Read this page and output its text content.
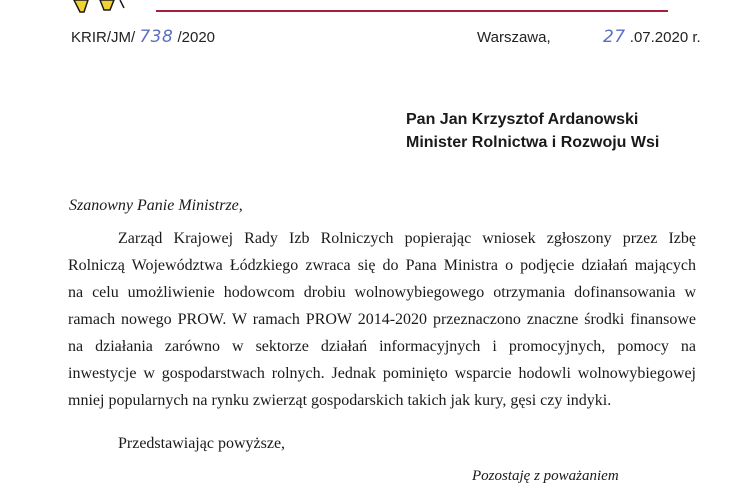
KRIR/JM/ 738 /2020	Warszawa,	27 .07.2020 r.
Pan Jan Krzysztof Ardanowski
Minister Rolnictwa i Rozwoju Wsi
Szanowny Panie Ministrze,

Zarząd Krajowej Rady Izb Rolniczych popierając wniosek zgłoszony przez Izbę
Rolniczą Województwa Łódzkiego zwraca się do Pana Ministra o podjęcie działań mających
na celu umożliwienie hodowcom drobiu wolnowybiegowego otrzymania dofinansowania w
ramach nowego PROW. W ramach PROW 2014-2020 przeznaczono znaczne środki finansowe
na działania zarówno w sektorze działań informacyjnych i promocyjnych, pomocy na
inwestycje w gospodarstwach rolnych. Jednak pominięto wsparcie hodowli wolnowybiegowej
mniej popularnych na rynku zwierząt gospodarskich takich jak kury, gęsi czy indyki.

Przedstawiając powyższe,
Pozostaję z poważaniem
